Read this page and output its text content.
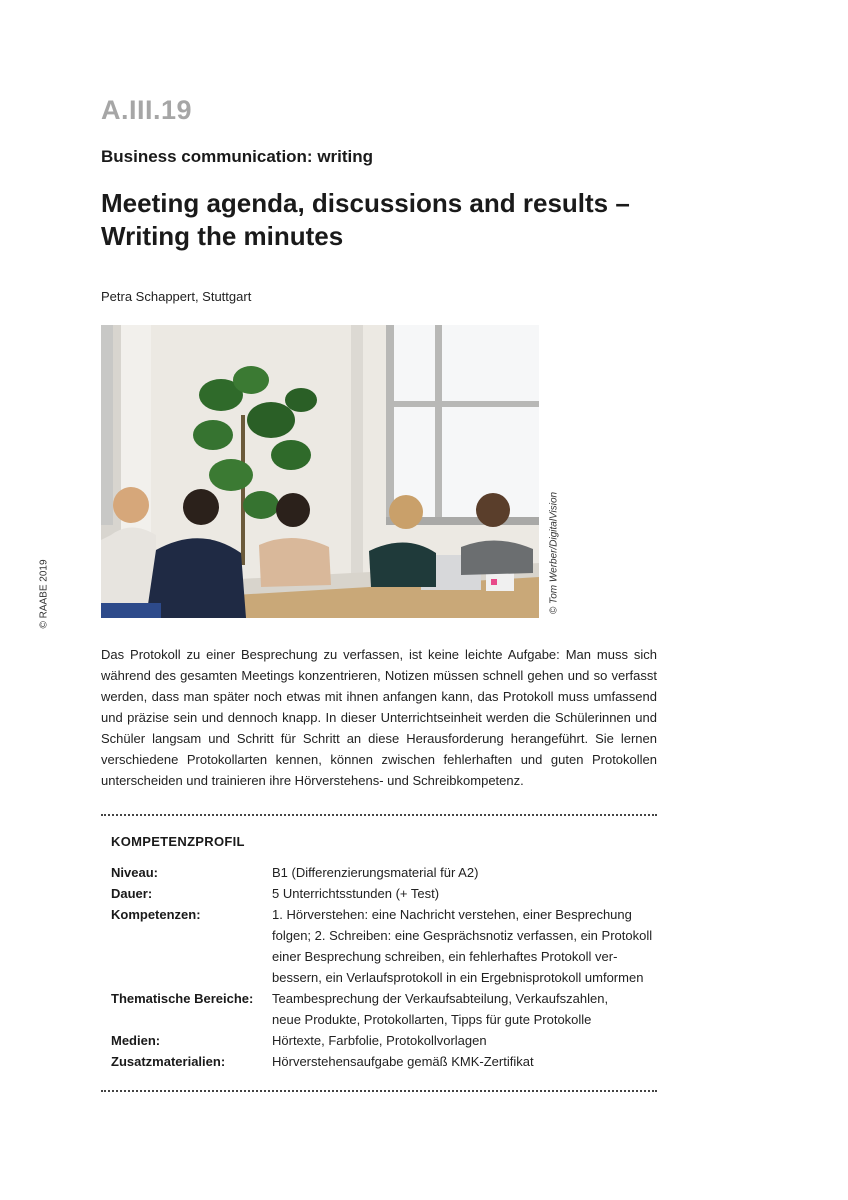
A.III.19
Business communication: writing
Meeting agenda, discussions and results –
Writing the minutes
Petra Schappert, Stuttgart
© RAABE 2019	© Tom Werber/DigitalVision
Das Protokoll zu einer Besprechung zu verfassen, ist keine leichte Aufgabe: Man muss sich während des gesamten Meetings konzentrieren, Notizen müssen schnell gehen und so verfasst werden, dass man später noch etwas mit ihnen anfangen kann, das Protokoll muss umfassend und präzise sein und dennoch knapp. In dieser Unterrichtseinheit werden die Schülerinnen und Schüler langsam und Schritt für Schritt an diese Herausforderung herangeführt. Sie lernen verschiedene Protokollarten kennen, können zwischen fehlerhaften und guten Protokollen unterscheiden und trainieren ihre Hörverstehens- und Schreibkompetenz.
KOMPETENZPROFIL
Niveau:	B1 (Differenzierungsmaterial für A2)

Dauer:	5 Unterrichtsstunden (+ Test)

Kompetenzen:	1. Hörverstehen: eine Nachricht verstehen, einer Besprechung
folgen; 2. Schreiben: eine Gesprächsnotiz verfassen, ein Protokoll
einer Besprechung schreiben, ein fehlerhaftes Protokoll ver-
bessern, ein Verlaufsprotokoll in ein Ergebnisprotokoll umformen

Thematische Bereiche:	Teambesprechung der Verkaufsabteilung, Verkaufszahlen,
neue Produkte, Protokollarten, Tipps für gute Protokolle

Medien:	Hörtexte, Farbfolie, Protokollvorlagen

Zusatzmaterialien:	Hörverstehensaufgabe gemäß KMK-Zertifikat
